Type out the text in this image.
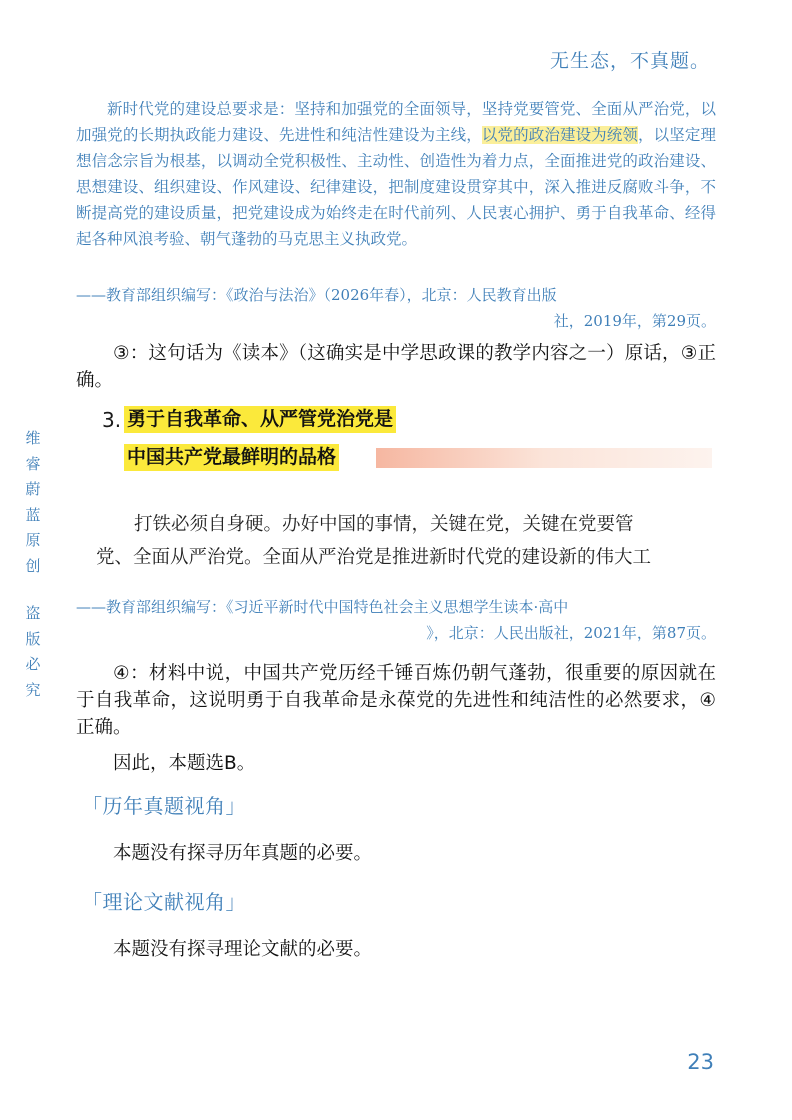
无生态，不真题。

新时代党的建设总要求是：坚持和加强党的全面领导，坚持党要管党、全面从严治党，以加强党的长期执政能力建设、先进性和纯洁性建设为主线，以党的政治建设为统领，以坚定理想信念宗旨为根基，以调动全党积极性、主动性、创造性为着力点，全面推进党的政治建设、思想建设、组织建设、作风建设、纪律建设，把制度建设贯穿其中，深入推进反腐败斗争，不断提高党的建设质量，把党建设成为始终走在时代前列、人民衷心拥护、勇于自我革命、经得起各种风浪考验、朝气蓬勃的马克思主义执政党。

——教育部组织编写：《政治与法治》（2026年春），北京：人民教育出版
社，2019年，第29页。

③：这句话为《读本》（这确实是中学思政课的教学内容之一）原话，③正确。

维
睿
蔚
蓝
原
创
盗
版
必
究
3. 勇于自我革命、从严管党治党是
中国共产党最鲜明的品格
打铁必须自身硬。办好中国的事情，关键在党，关键在党要管
党、全面从严治党。全面从严治党是推进新时代党的建设新的伟大工
——教育部组织编写：《习近平新时代中国特色社会主义思想学生读本·高中
》，北京：人民出版社，2021年，第87页。

④：材料中说，中国共产党历经千锤百炼仍朝气蓬勃，很重要的原因就在于自我革命，这说明勇于自我革命是永葆党的先进性和纯洁性的必然要求，④正确。

因此，本题选B。

「历年真题视角」

本题没有探寻历年真题的必要。

「理论文献视角」

本题没有探寻理论文献的必要。

23
